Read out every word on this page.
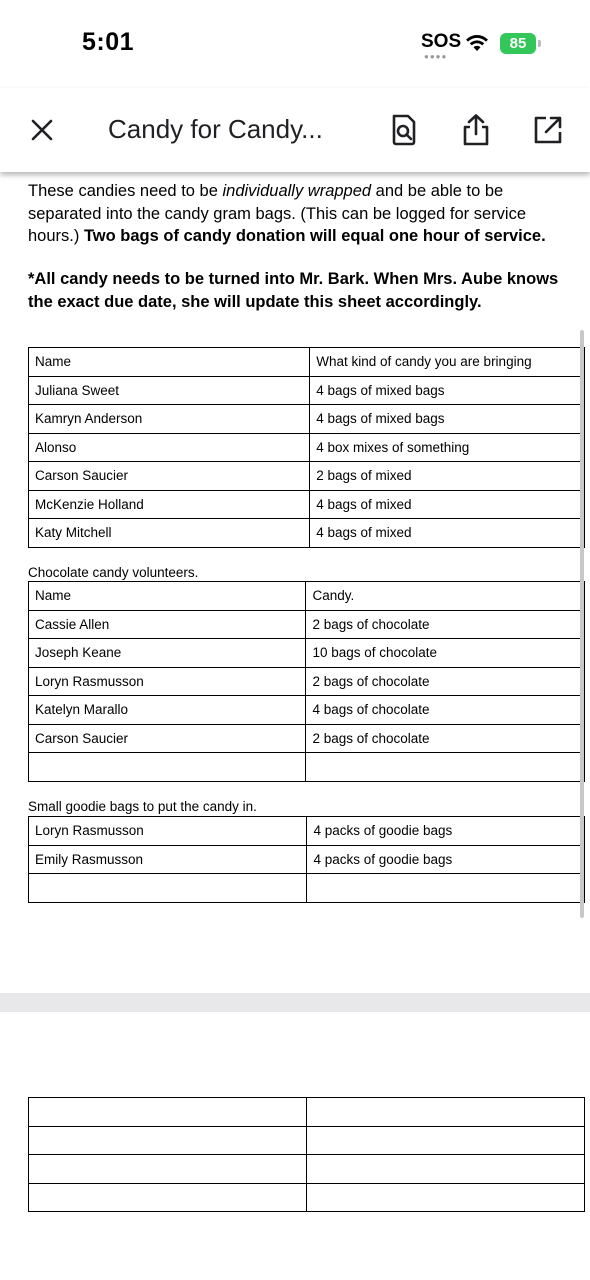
5:01	SOS
●●●●
85
Candy for Candy...
These candies need to be individually wrapped and be able to be separated into the candy gram bags. (This can be logged for service hours.) Two bags of candy donation will equal one hour of service.
*All candy needs to be turned into Mr. Bark. When Mrs. Aube knows the exact due date, she will update this sheet accordingly.
Name	What kind of candy you are bringing
Juliana Sweet	4 bags of mixed bags
Kamryn Anderson	4 bags of mixed bags
Alonso	4 box mixes of something
Carson Saucier	2 bags of mixed
McKenzie Holland	4 bags of mixed
Katy Mitchell	4 bags of mixed
Chocolate candy volunteers.
Name	Candy.
Cassie Allen	2 bags of chocolate
Joseph Keane	10 bags of chocolate
Loryn Rasmusson	2 bags of chocolate
Katelyn Marallo	4 bags of chocolate
Carson Saucier	2 bags of chocolate

Small goodie bags to put the candy in.
Loryn Rasmusson	4 packs of goodie bags
Emily Rasmusson	4 packs of goodie bags
